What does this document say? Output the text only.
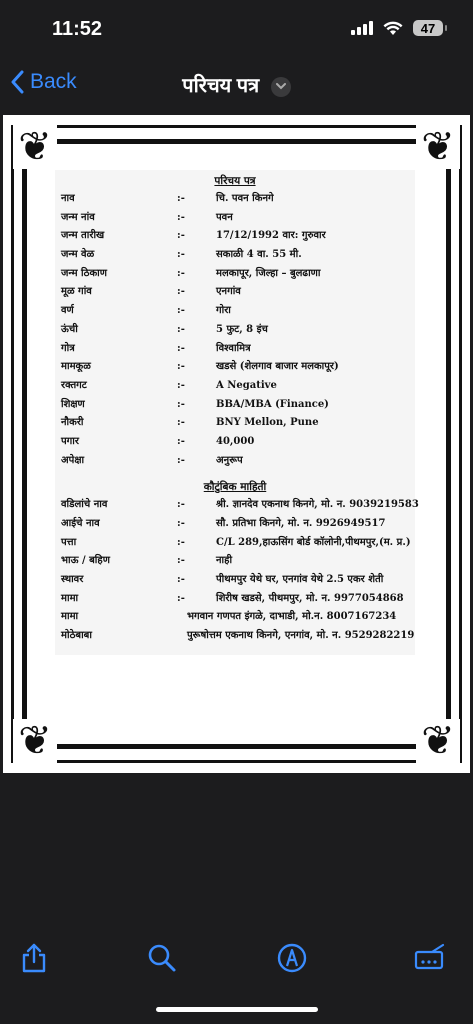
11:52	47
Back	परिचय पत्र
❦	❦
❦	❦
परिचय पत्र
नाव	:-	चि. पवन किनगे
जन्म नांव	:-	पवन
जन्म तारीख	:-	17/12/1992 वार: गुरुवार
जन्म वेळ	:-	सकाळी 4 वा. 55 मी.
जन्म ठिकाण	:-	मलकापूर, जिल्हा – बुलढाणा
मूळ गांव	:-	एनगांव
वर्ण	:-	गोरा
ऊंची	:-	5 फुट, 8 इंच
गोत्र	:-	विश्वामित्र
मामकूळ	:-	खडसे (शेलगाव बाजार मलकापूर)
रक्तगट	:-	A Negative
शिक्षण	:-	BBA/MBA (Finance)
नौकरी	:-	BNY Mellon, Pune
पगार	:-	40,000
अपेक्षा	:-	अनुरूप
कौटुंबिक माहिती
वडिलांचे नाव	:-	श्री. ज्ञानदेव एकनाथ किनगे, मो. न. 9039219583
आईचे नाव	:-	सौ. प्रतिभा किनगे, मो. न. 9926949517
पत्ता	:-	C/L 289,हाऊसिंग बोर्ड कॉलोनी,पीथमपुर,(म. प्र.)
भाऊ / बहिण	:-	नाही
स्थावर	:-	पीथमपुर येथे घर, एनगांव येथे 2.5 एकर शेती
मामा	:-	शिरीष खडसे, पीथमपुर, मो. न. 9977054868
मामा	भगवान गणपत इंगळे, दाभाडी, मो.न. 8007167234
मोठेबाबा	पुरूषोत्तम एकनाथ किनगे, एनगांव, मो. न. 9529282219
